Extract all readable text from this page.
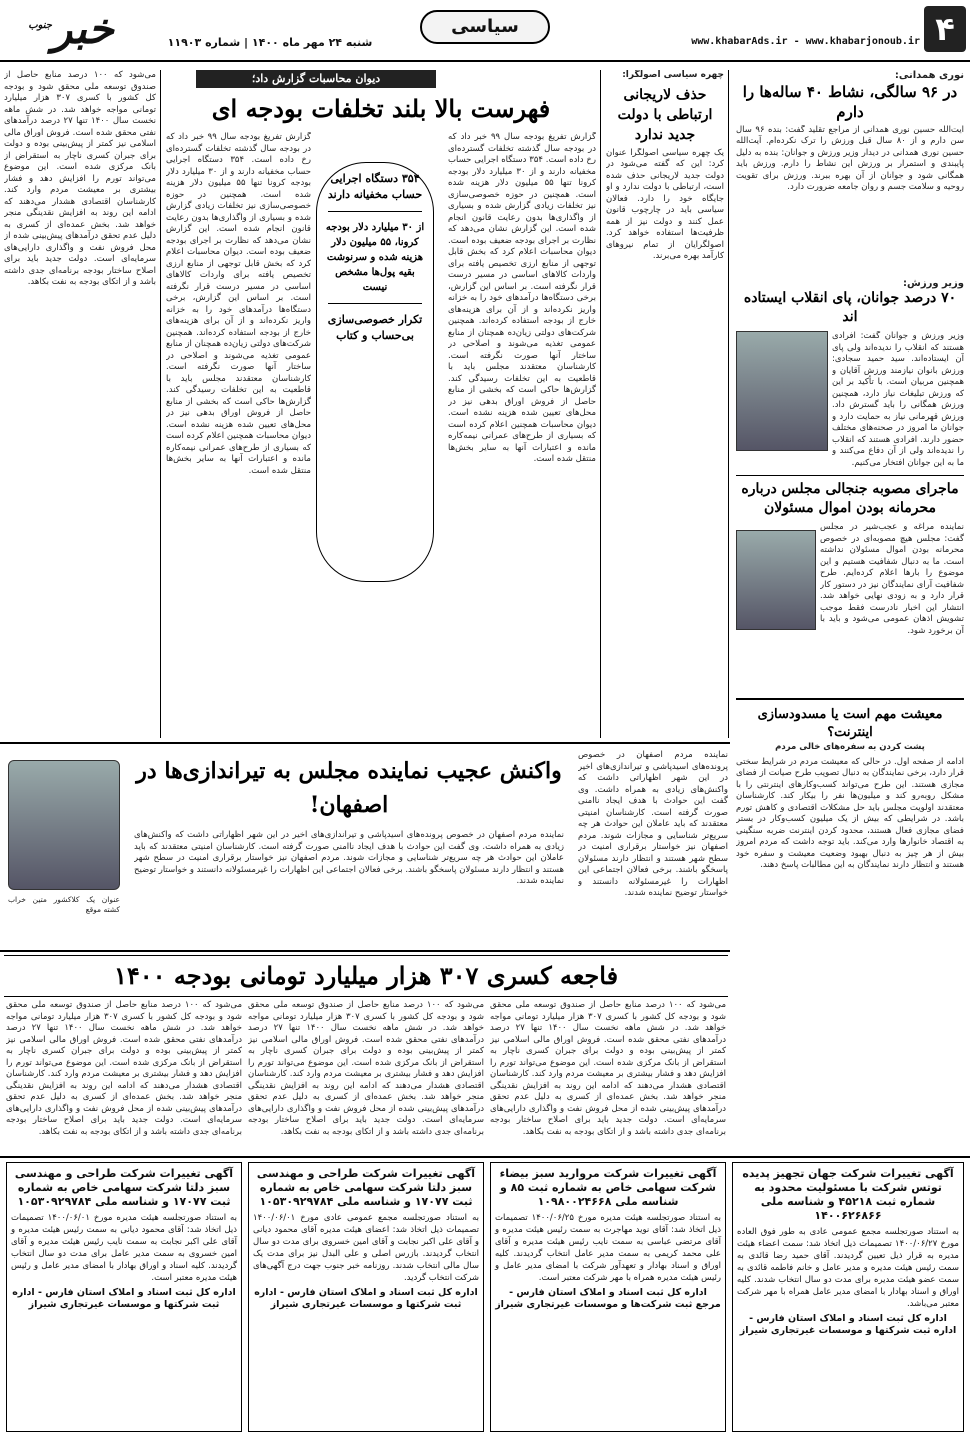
۴
www.khabarAds.ir - www.khabarjonoub.ir
سیاسی
خبر$^{جنوب}$
شنبه ۲۴ مهر ماه ۱۴۰۰ | شماره ۱۱۹۰۳
نوری همدانی:
در ۹۶ سالگی، نشاط ۴۰ ساله‌ها را دارم
آیت‌الله حسین نوری همدانی از مراجع تقلید گفت: بنده ۹۶ سال سن دارم و از ۸۰ سال قبل ورزش را ترک نکرده‌ام. آیت‌الله حسین نوری همدانی در دیدار وزیر ورزش و جوانان: بنده به دلیل پایبندی و استمرار بر ورزش این نشاط را دارم. ورزش باید همگانی شود و جوانان از آن بهره ببرند. ورزش برای تقویت روحیه و سلامت جسم و روان جامعه ضرورت دارد.
وزیر ورزش:
۷۰ درصد جوانان، پای انقلاب ایستاده اند
وزیر ورزش و جوانان گفت: افرادی هستند که انقلاب را ندیده‌اند ولی پای آن ایستاده‌اند. سید حمید سجادی: ورزش بانوان نیازمند ورزش آقایان و همچنین مربیان است. با تأکید بر این که ورزش تبلیغات نیاز دارد، همچنین ورزش همگانی را باید گسترش داد. ورزش قهرمانی نیاز به حمایت دارد و جوانان ما امروز در صحنه‌های مختلف حضور دارند. افرادی هستند که انقلاب را ندیده‌اند ولی از آن دفاع می‌کنند و ما به این جوانان افتخار می‌کنیم.
ماجرای مصوبه جنجالی مجلس درباره محرمانه بودن اموال مسئولان
نماینده مراغه و عجب‌شیر در مجلس گفت: مجلس هیچ مصوبه‌ای در خصوص محرمانه بودن اموال مسئولان نداشته است. ما به دنبال شفافیت هستیم و این موضوع را بارها اعلام کرده‌ایم. طرح شفافیت آرای نمایندگان نیز در دستور کار قرار دارد و به زودی نهایی خواهد شد. انتشار این اخبار نادرست فقط موجب تشویش اذهان عمومی می‌شود و باید با آن برخورد شود.
معیشت مهم است یا مسدودسازی اینترنت؟
پشت کردن به سفره‌های خالی مردم
ادامه از صفحه اول. در حالی که معیشت مردم در شرایط سختی قرار دارد، برخی نمایندگان به دنبال تصویب طرح صیانت از فضای مجازی هستند. این طرح می‌تواند کسب‌وکارهای اینترنتی را با مشکل روبه‌رو کند و میلیون‌ها نفر را بیکار کند. کارشناسان معتقدند اولویت مجلس باید حل مشکلات اقتصادی و کاهش تورم باشد. در شرایطی که بیش از یک میلیون کسب‌وکار در بستر فضای مجازی فعال هستند، محدود کردن اینترنت ضربه سنگینی به اقتصاد خانوارها وارد می‌کند. باید توجه داشت که مردم امروز بیش از هر چیز به دنبال بهبود وضعیت معیشت و سفره خود هستند و انتظار دارند نمایندگان به این مطالبات پاسخ دهند.
چهره سیاسی اصولگرا:
حذف لاریجانی ارتباطی با دولت جدید ندارد
یک چهره سیاسی اصولگرا عنوان کرد: این که گفته می‌شود در دولت جدید لاریجانی حذف شده است، ارتباطی با دولت ندارد و او جایگاه خود را دارد. فعالان سیاسی باید در چارچوب قانون عمل کنند و دولت نیز از همه ظرفیت‌ها استفاده خواهد کرد. اصولگرایان از تمام نیروهای کارآمد بهره می‌برند.
دیوان محاسبات گزارش داد؛
فهرست بالا بلند تخلفات بودجه ای
۳۵۴ دستگاه اجرایی حساب مخفیانه دارند
از ۳۰ میلیارد دلار بودجه کرونا، ۵۵ میلیون دلار هزینه شده و سرنوشت بقیه پول‌ها مشخص نیست
تکرار خصوصی‌سازی بی‌حساب و کتاب
گزارش تفریغ بودجه سال ۹۹ خبر داد که در بودجه سال گذشته تخلفات گسترده‌ای رخ داده است. ۳۵۴ دستگاه اجرایی حساب مخفیانه دارند و از ۳۰ میلیارد دلار بودجه کرونا تنها ۵۵ میلیون دلار هزینه شده است. همچنین در حوزه خصوصی‌سازی نیز تخلفات زیادی گزارش شده و بسیاری از واگذاری‌ها بدون رعایت قانون انجام شده است. این گزارش نشان می‌دهد که نظارت بر اجرای بودجه ضعیف بوده است. دیوان محاسبات اعلام کرد که بخش قابل توجهی از منابع ارزی تخصیص یافته برای واردات کالاهای اساسی در مسیر درست قرار نگرفته است. بر اساس این گزارش، برخی دستگاه‌ها درآمدهای خود را به خزانه واریز نکرده‌اند و از آن برای هزینه‌های خارج از بودجه استفاده کرده‌اند. همچنین شرکت‌های دولتی زیان‌ده همچنان از منابع عمومی تغذیه می‌شوند و اصلاحی در ساختار آنها صورت نگرفته است. کارشناسان معتقدند مجلس باید با قاطعیت به این تخلفات رسیدگی کند. گزارش‌ها حاکی است که بخشی از منابع حاصل از فروش اوراق بدهی نیز در محل‌های تعیین شده هزینه نشده است. دیوان محاسبات همچنین اعلام کرده است که بسیاری از طرح‌های عمرانی نیمه‌کاره مانده و اعتبارات آنها به سایر بخش‌ها منتقل شده است.
گزارش تفریغ بودجه سال ۹۹ خبر داد که در بودجه سال گذشته تخلفات گسترده‌ای رخ داده است. ۳۵۴ دستگاه اجرایی حساب مخفیانه دارند و از ۳۰ میلیارد دلار بودجه کرونا تنها ۵۵ میلیون دلار هزینه شده است. همچنین در حوزه خصوصی‌سازی نیز تخلفات زیادی گزارش شده و بسیاری از واگذاری‌ها بدون رعایت قانون انجام شده است. این گزارش نشان می‌دهد که نظارت بر اجرای بودجه ضعیف بوده است. دیوان محاسبات اعلام کرد که بخش قابل توجهی از منابع ارزی تخصیص یافته برای واردات کالاهای اساسی در مسیر درست قرار نگرفته است. بر اساس این گزارش، برخی دستگاه‌ها درآمدهای خود را به خزانه واریز نکرده‌اند و از آن برای هزینه‌های خارج از بودجه استفاده کرده‌اند. همچنین شرکت‌های دولتی زیان‌ده همچنان از منابع عمومی تغذیه می‌شوند و اصلاحی در ساختار آنها صورت نگرفته است. کارشناسان معتقدند مجلس باید با قاطعیت به این تخلفات رسیدگی کند. گزارش‌ها حاکی است که بخشی از منابع حاصل از فروش اوراق بدهی نیز در محل‌های تعیین شده هزینه نشده است. دیوان محاسبات همچنین اعلام کرده است که بسیاری از طرح‌های عمرانی نیمه‌کاره مانده و اعتبارات آنها به سایر بخش‌ها منتقل شده است.
می‌شود که ۱۰۰ درصد منابع حاصل از صندوق توسعه ملی محقق شود و بودجه کل کشور با کسری ۳۰۷ هزار میلیارد تومانی مواجه خواهد شد. در شش ماهه نخست سال ۱۴۰۰ تنها ۲۷ درصد درآمدهای نفتی محقق شده است. فروش اوراق مالی اسلامی نیز کمتر از پیش‌بینی بوده و دولت برای جبران کسری ناچار به استقراض از بانک مرکزی شده است. این موضوع می‌تواند تورم را افزایش دهد و فشار بیشتری بر معیشت مردم وارد کند. کارشناسان اقتصادی هشدار می‌دهند که ادامه این روند به افزایش نقدینگی منجر خواهد شد. بخش عمده‌ای از کسری به دلیل عدم تحقق درآمدهای پیش‌بینی شده از محل فروش نفت و واگذاری دارایی‌های سرمایه‌ای است. دولت جدید باید برای اصلاح ساختار بودجه برنامه‌ای جدی داشته باشد و از اتکای بودجه به نفت بکاهد.
عنوان یک کلاکشور متین خراب کشته موقع
واکنش عجیب نماینده مجلس به تیراندازی‌ها در اصفهان!
نماینده مردم اصفهان در خصوص پرونده‌های اسیدپاشی و تیراندازی‌های اخیر در این شهر اظهاراتی داشت که واکنش‌های زیادی به همراه داشت. وی گفت این حوادث با هدف ایجاد ناامنی صورت گرفته است. کارشناسان امنیتی معتقدند که باید عاملان این حوادث هر چه سریع‌تر شناسایی و مجازات شوند. مردم اصفهان نیز خواستار برقراری امنیت در سطح شهر هستند و انتظار دارند مسئولان پاسخگو باشند. برخی فعالان اجتماعی این اظهارات را غیرمسئولانه دانستند و خواستار توضیح نماینده شدند.
نماینده مردم اصفهان در خصوص پرونده‌های اسیدپاشی و تیراندازی‌های اخیر در این شهر اظهاراتی داشت که واکنش‌های زیادی به همراه داشت. وی گفت این حوادث با هدف ایجاد ناامنی صورت گرفته است. کارشناسان امنیتی معتقدند که باید عاملان این حوادث هر چه سریع‌تر شناسایی و مجازات شوند. مردم اصفهان نیز خواستار برقراری امنیت در سطح شهر هستند و انتظار دارند مسئولان پاسخگو باشند. برخی فعالان اجتماعی این اظهارات را غیرمسئولانه دانستند و خواستار توضیح نماینده شدند.
فاجعه کسری ۳۰۷ هزار میلیارد تومانی بودجه ۱۴۰۰
می‌شود که ۱۰۰ درصد منابع حاصل از صندوق توسعه ملی محقق شود و بودجه کل کشور با کسری ۳۰۷ هزار میلیارد تومانی مواجه خواهد شد. در شش ماهه نخست سال ۱۴۰۰ تنها ۲۷ درصد درآمدهای نفتی محقق شده است. فروش اوراق مالی اسلامی نیز کمتر از پیش‌بینی بوده و دولت برای جبران کسری ناچار به استقراض از بانک مرکزی شده است. این موضوع می‌تواند تورم را افزایش دهد و فشار بیشتری بر معیشت مردم وارد کند. کارشناسان اقتصادی هشدار می‌دهند که ادامه این روند به افزایش نقدینگی منجر خواهد شد. بخش عمده‌ای از کسری به دلیل عدم تحقق درآمدهای پیش‌بینی شده از محل فروش نفت و واگذاری دارایی‌های سرمایه‌ای است. دولت جدید باید برای اصلاح ساختار بودجه برنامه‌ای جدی داشته باشد و از اتکای بودجه به نفت بکاهد.
می‌شود که ۱۰۰ درصد منابع حاصل از صندوق توسعه ملی محقق شود و بودجه کل کشور با کسری ۳۰۷ هزار میلیارد تومانی مواجه خواهد شد. در شش ماهه نخست سال ۱۴۰۰ تنها ۲۷ درصد درآمدهای نفتی محقق شده است. فروش اوراق مالی اسلامی نیز کمتر از پیش‌بینی بوده و دولت برای جبران کسری ناچار به استقراض از بانک مرکزی شده است. این موضوع می‌تواند تورم را افزایش دهد و فشار بیشتری بر معیشت مردم وارد کند. کارشناسان اقتصادی هشدار می‌دهند که ادامه این روند به افزایش نقدینگی منجر خواهد شد. بخش عمده‌ای از کسری به دلیل عدم تحقق درآمدهای پیش‌بینی شده از محل فروش نفت و واگذاری دارایی‌های سرمایه‌ای است. دولت جدید باید برای اصلاح ساختار بودجه برنامه‌ای جدی داشته باشد و از اتکای بودجه به نفت بکاهد.
می‌شود که ۱۰۰ درصد منابع حاصل از صندوق توسعه ملی محقق شود و بودجه کل کشور با کسری ۳۰۷ هزار میلیارد تومانی مواجه خواهد شد. در شش ماهه نخست سال ۱۴۰۰ تنها ۲۷ درصد درآمدهای نفتی محقق شده است. فروش اوراق مالی اسلامی نیز کمتر از پیش‌بینی بوده و دولت برای جبران کسری ناچار به استقراض از بانک مرکزی شده است. این موضوع می‌تواند تورم را افزایش دهد و فشار بیشتری بر معیشت مردم وارد کند. کارشناسان اقتصادی هشدار می‌دهند که ادامه این روند به افزایش نقدینگی منجر خواهد شد. بخش عمده‌ای از کسری به دلیل عدم تحقق درآمدهای پیش‌بینی شده از محل فروش نفت و واگذاری دارایی‌های سرمایه‌ای است. دولت جدید باید برای اصلاح ساختار بودجه برنامه‌ای جدی داشته باشد و از اتکای بودجه به نفت بکاهد.
آگهی تغییرات شرکت جهان تجهیز پدیده توتس شرکت با مسئولیت محدود به شماره ثبت ۴۵۲۱۸ و شناسه ملی ۱۴۰۰۶۲۶۸۶۶
به استناد صورتجلسه مجمع عمومی عادی به طور فوق العاده مورخ ۱۴۰۰/۰۶/۲۷ تصمیمات ذیل اتخاذ شد: سمت اعضاء هیئت مدیره به قرار ذیل تعیین گردیدند. آقای حمید رضا قائدی به سمت رئیس هیئت مدیره و مدیر عامل و خانم فاطمه قائدی به سمت عضو هیئت مدیره برای مدت دو سال انتخاب شدند. کلیه اوراق و اسناد بهادار با امضای مدیر عامل همراه با مهر شرکت معتبر می‌باشد.
اداره کل ثبت اسناد و املاک استان فارس - اداره ثبت شرکتها و موسسات غیرتجاری شیراز
آگهی تغییرات شرکت مروارید سبز بیضاء شرکت سهامی خاص به شماره ثبت ۸۵ و شناسه ملی ۱۰۹۸۰۰۲۴۶۶۸
به استناد صورتجلسه هیئت مدیره مورخ ۱۴۰۰/۰۶/۲۵ تصمیمات ذیل اتخاذ شد: آقای نوید مهاجرت به سمت رئیس هیئت مدیره و آقای مرتضی عباسی به سمت نایب رئیس هیئت مدیره و آقای علی محمد کریمی به سمت مدیر عامل انتخاب گردیدند. کلیه اوراق و اسناد بهادار و تعهدآور شرکت با امضای مدیر عامل و رئیس هیئت مدیره همراه با مهر شرکت معتبر است.
اداره کل ثبت اسناد و املاک استان فارس - مرجع ثبت شرکت‌ها و موسسات غیرتجاری شیراز
آگهی تغییرات شرکت طراحی و مهندسی سبز دلتا شرکت سهامی خاص به شماره ثبت ۱۷۰۷۷ و شناسه ملی ۱۰۵۳۰۹۲۹۷۸۴
به استناد صورتجلسه مجمع عمومی عادی مورخ ۱۴۰۰/۰۶/۰۱ تصمیمات ذیل اتخاذ شد: اعضای هیئت مدیره آقای محمود دیانی و آقای علی اکبر نجابت و آقای امین خسروی برای مدت دو سال انتخاب گردیدند. بازرس اصلی و علی البدل نیز برای مدت یک سال مالی انتخاب شدند. روزنامه خبر جنوب جهت درج آگهی‌های شرکت انتخاب گردید.
اداره کل ثبت اسناد و املاک استان فارس - اداره ثبت شرکتها و موسسات غیرتجاری شیراز
آگهی تغییرات شرکت طراحی و مهندسی سبز دلتا شرکت سهامی خاص به شماره ثبت ۱۷۰۷۷ و شناسه ملی ۱۰۵۳۰۹۲۹۷۸۴
به استناد صورتجلسه هیئت مدیره مورخ ۱۴۰۰/۰۶/۰۱ تصمیمات ذیل اتخاذ شد: آقای محمود دیانی به سمت رئیس هیئت مدیره و آقای علی اکبر نجابت به سمت نایب رئیس هیئت مدیره و آقای امین خسروی به سمت مدیر عامل برای مدت دو سال انتخاب گردیدند. کلیه اسناد و اوراق بهادار با امضای مدیر عامل و رئیس هیئت مدیره معتبر است.
اداره کل ثبت اسناد و املاک استان فارس - اداره ثبت شرکتها و موسسات غیرتجاری شیراز
